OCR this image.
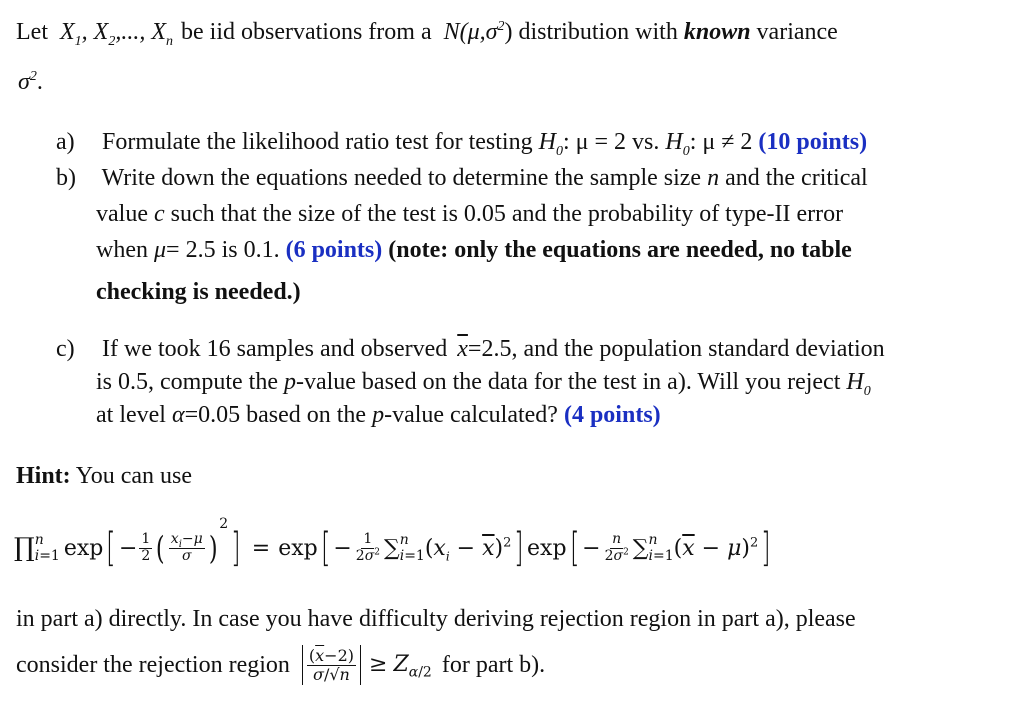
Let $X_1$, $X_2$,..., $X_n$ be iid observations from a $N(\mu,\sigma^2)$ distribution with known variance
$\sigma^2$.
a) Formulate the likelihood ratio test for testing $H_0$: μ = 2 vs. $H_0$: μ ≠ 2 (10 points)
b) Write down the equations needed to determine the sample size n and the critical
value c such that the size of the test is 0.05 and the probability of type-II error
when μ= 2.5 is 0.1. (6 points) (note: only the equations are needed, no table
checking is needed.)
c) If we took 16 samples and observed $\overline{x}=2.5$, and the population standard deviation
is 0.5, compute the p-value based on the data for the test in a). Will you reject $H_0$
at level α=0.05 based on the p-value calculated? (4 points)
Hint: You can use
∏ n
i=1 exp [ − $\frac{1}{2}$ ( $\frac{x_i-\mu}{\sigma}$ )
2
] = exp [ − $\frac{1}{2\sigma^2}$ ∑ n
i=1 $(x_i - \overline{x})^2$ ] exp [ − $\frac{n}{2\sigma^2}$ ∑ n
i=1 $(\overline{x} - \mu)^2$ ]
in part a) directly. In case you have difficulty deriving rejection region in part a), please
consider the rejection region $\frac{(\overline{x}-2)}{\sigma/√n} \ge Z_{\alpha/2}$ for part b).
